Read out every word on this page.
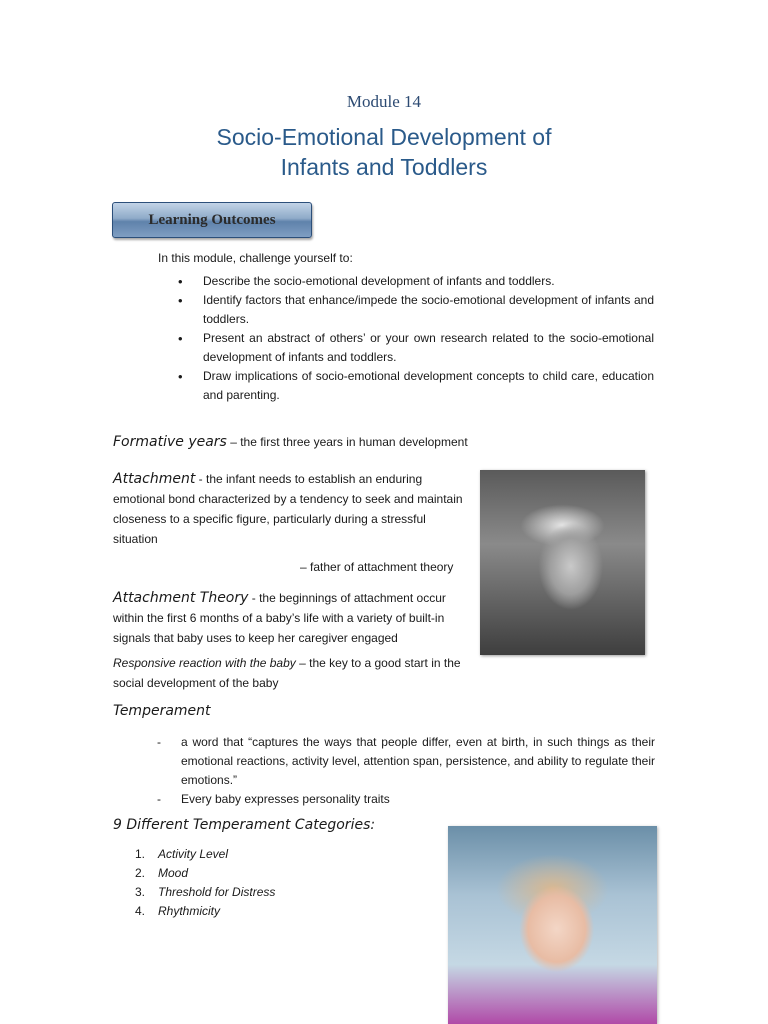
Module 14
Socio-Emotional Development of
Infants and Toddlers
Learning Outcomes
In this module, challenge yourself to:
• Describe the socio-emotional development of infants and toddlers.
• Identify factors that enhance/impede the socio-emotional development of infants and toddlers.
• Present an abstract of others’ or your own research related to the socio-emotional development of infants and toddlers.
• Draw implications of socio-emotional development concepts to child care, education and parenting.
Formative years – the first three years in human development
Attachment - the infant needs to establish an enduring emotional bond characterized by a tendency to seek and maintain closeness to a specific figure, particularly during a stressful situation
– father of attachment theory
Attachment Theory - the beginnings of attachment occur within the first 6 months of a baby’s life with a variety of built-in signals that baby uses to keep her caregiver engaged
Responsive reaction with the baby – the key to a good start in the social development of the baby
Temperament
- a word that “captures the ways that people differ, even at birth, in such things as their emotional reactions, activity level, attention span, persistence, and ability to regulate their emotions.”
- Every baby expresses personality traits
9 Different Temperament Categories:
1. Activity Level
2. Mood
3. Threshold for Distress
4. Rhythmicity
